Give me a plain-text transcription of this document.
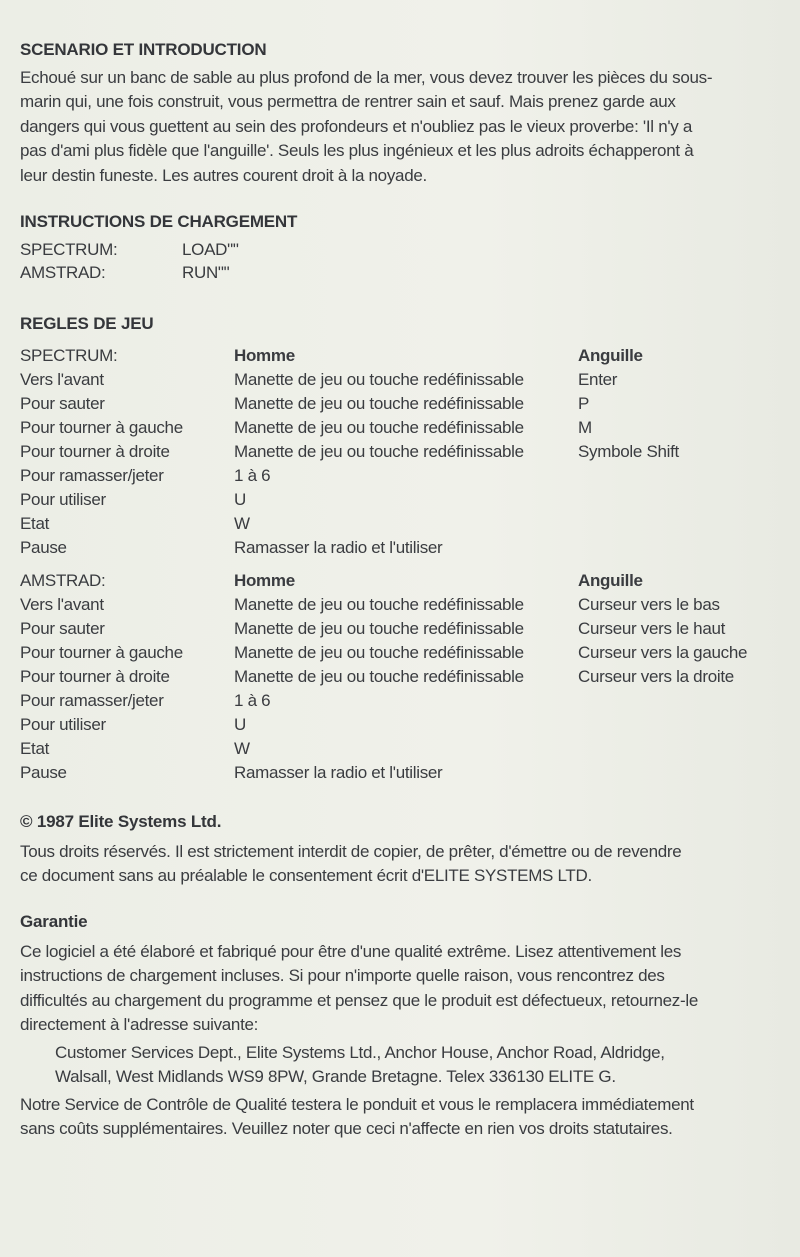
SCENARIO ET INTRODUCTION
Echoué sur un banc de sable au plus profond de la mer, vous devez trouver les pièces du sous-
marin qui, une fois construit, vous permettra de rentrer sain et sauf. Mais prenez garde aux
dangers qui vous guettent au sein des profondeurs et n'oubliez pas le vieux proverbe: 'Il n'y a
pas d'ami plus fidèle que l'anguille'. Seuls les plus ingénieux et les plus adroits échapperont à
leur destin funeste. Les autres courent droit à la noyade.
INSTRUCTIONS DE CHARGEMENT
SPECTRUM:	LOAD""
AMSTRAD:	RUN""
REGLES DE JEU
SPECTRUM:	Homme	Anguille
Vers l'avant	Manette de jeu ou touche redéfinissable	Enter
Pour sauter	Manette de jeu ou touche redéfinissable	P
Pour tourner à gauche	Manette de jeu ou touche redéfinissable	M
Pour tourner à droite	Manette de jeu ou touche redéfinissable	Symbole Shift
Pour ramasser/jeter	1 à 6
Pour utiliser	U
Etat	W
Pause	Ramasser la radio et l'utiliser
AMSTRAD:	Homme	Anguille
Vers l'avant	Manette de jeu ou touche redéfinissable	Curseur vers le bas
Pour sauter	Manette de jeu ou touche redéfinissable	Curseur vers le haut
Pour tourner à gauche	Manette de jeu ou touche redéfinissable	Curseur vers la gauche
Pour tourner à droite	Manette de jeu ou touche redéfinissable	Curseur vers la droite
Pour ramasser/jeter	1 à 6
Pour utiliser	U
Etat	W
Pause	Ramasser la radio et l'utiliser
© 1987 Elite Systems Ltd.
Tous droits réservés. Il est strictement interdit de copier, de prêter, d'émettre ou de revendre
ce document sans au préalable le consentement écrit d'ELITE SYSTEMS LTD.
Garantie
Ce logiciel a été élaboré et fabriqué pour être d'une qualité extrême. Lisez attentivement les
instructions de chargement incluses. Si pour n'importe quelle raison, vous rencontrez des
difficultés au chargement du programme et pensez que le produit est défectueux, retournez-le
directement à l'adresse suivante:
Customer Services Dept., Elite Systems Ltd., Anchor House, Anchor Road, Aldridge,
Walsall, West Midlands WS9 8PW, Grande Bretagne. Telex 336130 ELITE G.
Notre Service de Contrôle de Qualité testera le ponduit et vous le remplacera immédiatement
sans coûts supplémentaires. Veuillez noter que ceci n'affecte en rien vos droits statutaires.
